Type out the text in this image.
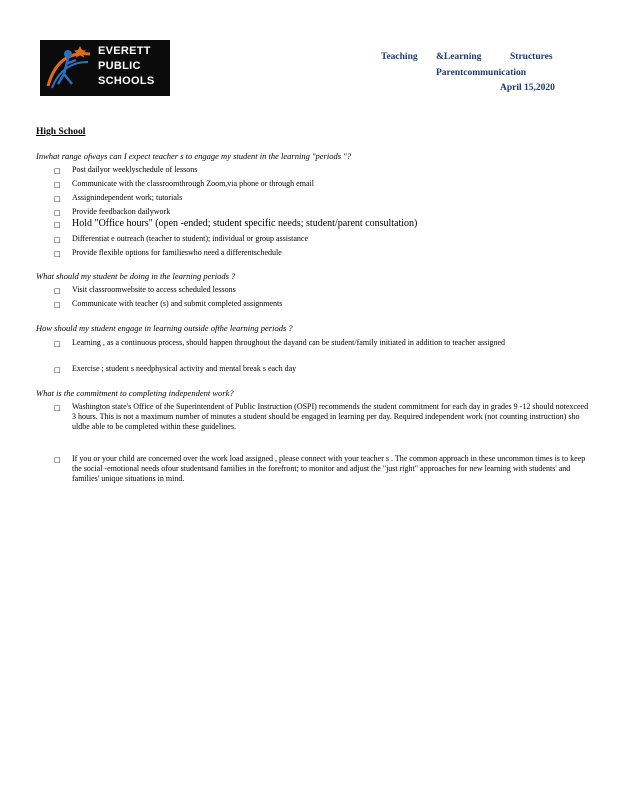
EVERETT
PUBLIC
SCHOOLS
Teaching &Learning	Structures
Parentcommunication
April 15,2020
High School
Inwhat range ofways can I expect teacher s to engage my student in the learning "periods "?
□ Post dailyor weeklyschedule of lessons
□ Communicate with the classroomthrough Zoom,via phone or through email
□ Assignindependent work; tutorials
□ Provide feedbackon dailywork
□ Hold "Office hours" (open -ended; student specific needs; student/parent consultation)
□ Differentiat e outreach (teacher to student); individual or group assistance
□ Provide flexible options for familieswho need a differentschedule
What should my student be doing in the learning periods ?
□ Visit classroomwebsite to access scheduled lessons
□ Communicate with teacher (s) and submit completed assignments
How should my student engage in learning outside ofthe learning periods ?
□ Learning , as a continuous process, should happen throughout the dayand can be student/family initiated in addition to teacher assigned
□ Exercise ; student s needphysical activity and mental break s each day
What is the commitment to completing independent work?
□ Washington state's Office of the Superintendent of Public Instruction (OSPI) recommends the student commitment for each day in grades 9 -12 should notexceed 3 hours. This is not a maximum number of minutes a student should be engaged in learning per day. Required independent work (not counting instruction) sho uldbe able to be completed within these guidelines.
□ If you or your child are concerned over the work load assigned , please connect with your teacher s . The common approach in these uncommon times is to keep the social -emotional needs ofour studentsand families in the forefront; to monitor and adjust the "just right" approaches for new learning with students' and families' unique situations in mind.
